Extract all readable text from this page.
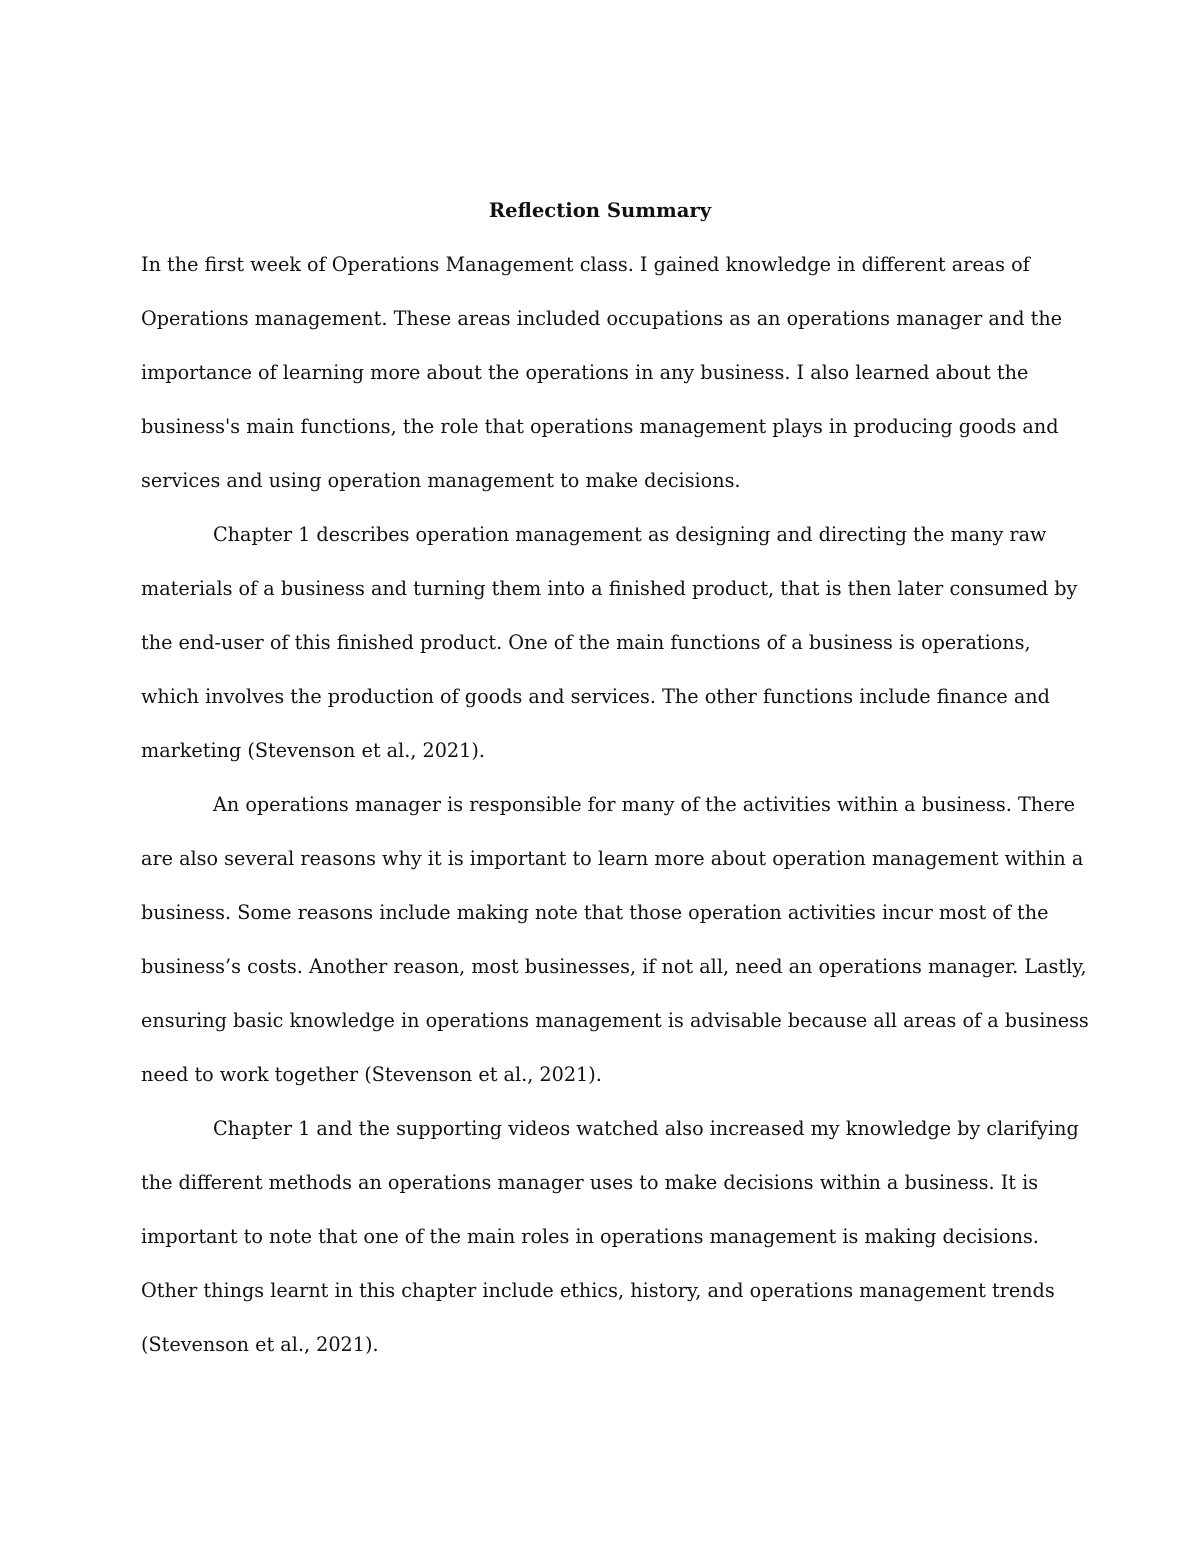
Reflection Summary

In the first week of Operations Management class. I gained knowledge in different areas of
Operations management. These areas included occupations as an operations manager and the
importance of learning more about the operations in any business. I also learned about the
business's main functions, the role that operations management plays in producing goods and
services and using operation management to make decisions.

Chapter 1 describes operation management as designing and directing the many raw
materials of a business and turning them into a finished product, that is then later consumed by
the end-user of this finished product. One of the main functions of a business is operations,
which involves the production of goods and services. The other functions include finance and
marketing (Stevenson et al., 2021).

An operations manager is responsible for many of the activities within a business. There
are also several reasons why it is important to learn more about operation management within a
business. Some reasons include making note that those operation activities incur most of the
business’s costs. Another reason, most businesses, if not all, need an operations manager. Lastly,
ensuring basic knowledge in operations management is advisable because all areas of a business
need to work together (Stevenson et al., 2021).

Chapter 1 and the supporting videos watched also increased my knowledge by clarifying
the different methods an operations manager uses to make decisions within a business. It is
important to note that one of the main roles in operations management is making decisions.
Other things learnt in this chapter include ethics, history, and operations management trends
(Stevenson et al., 2021).
